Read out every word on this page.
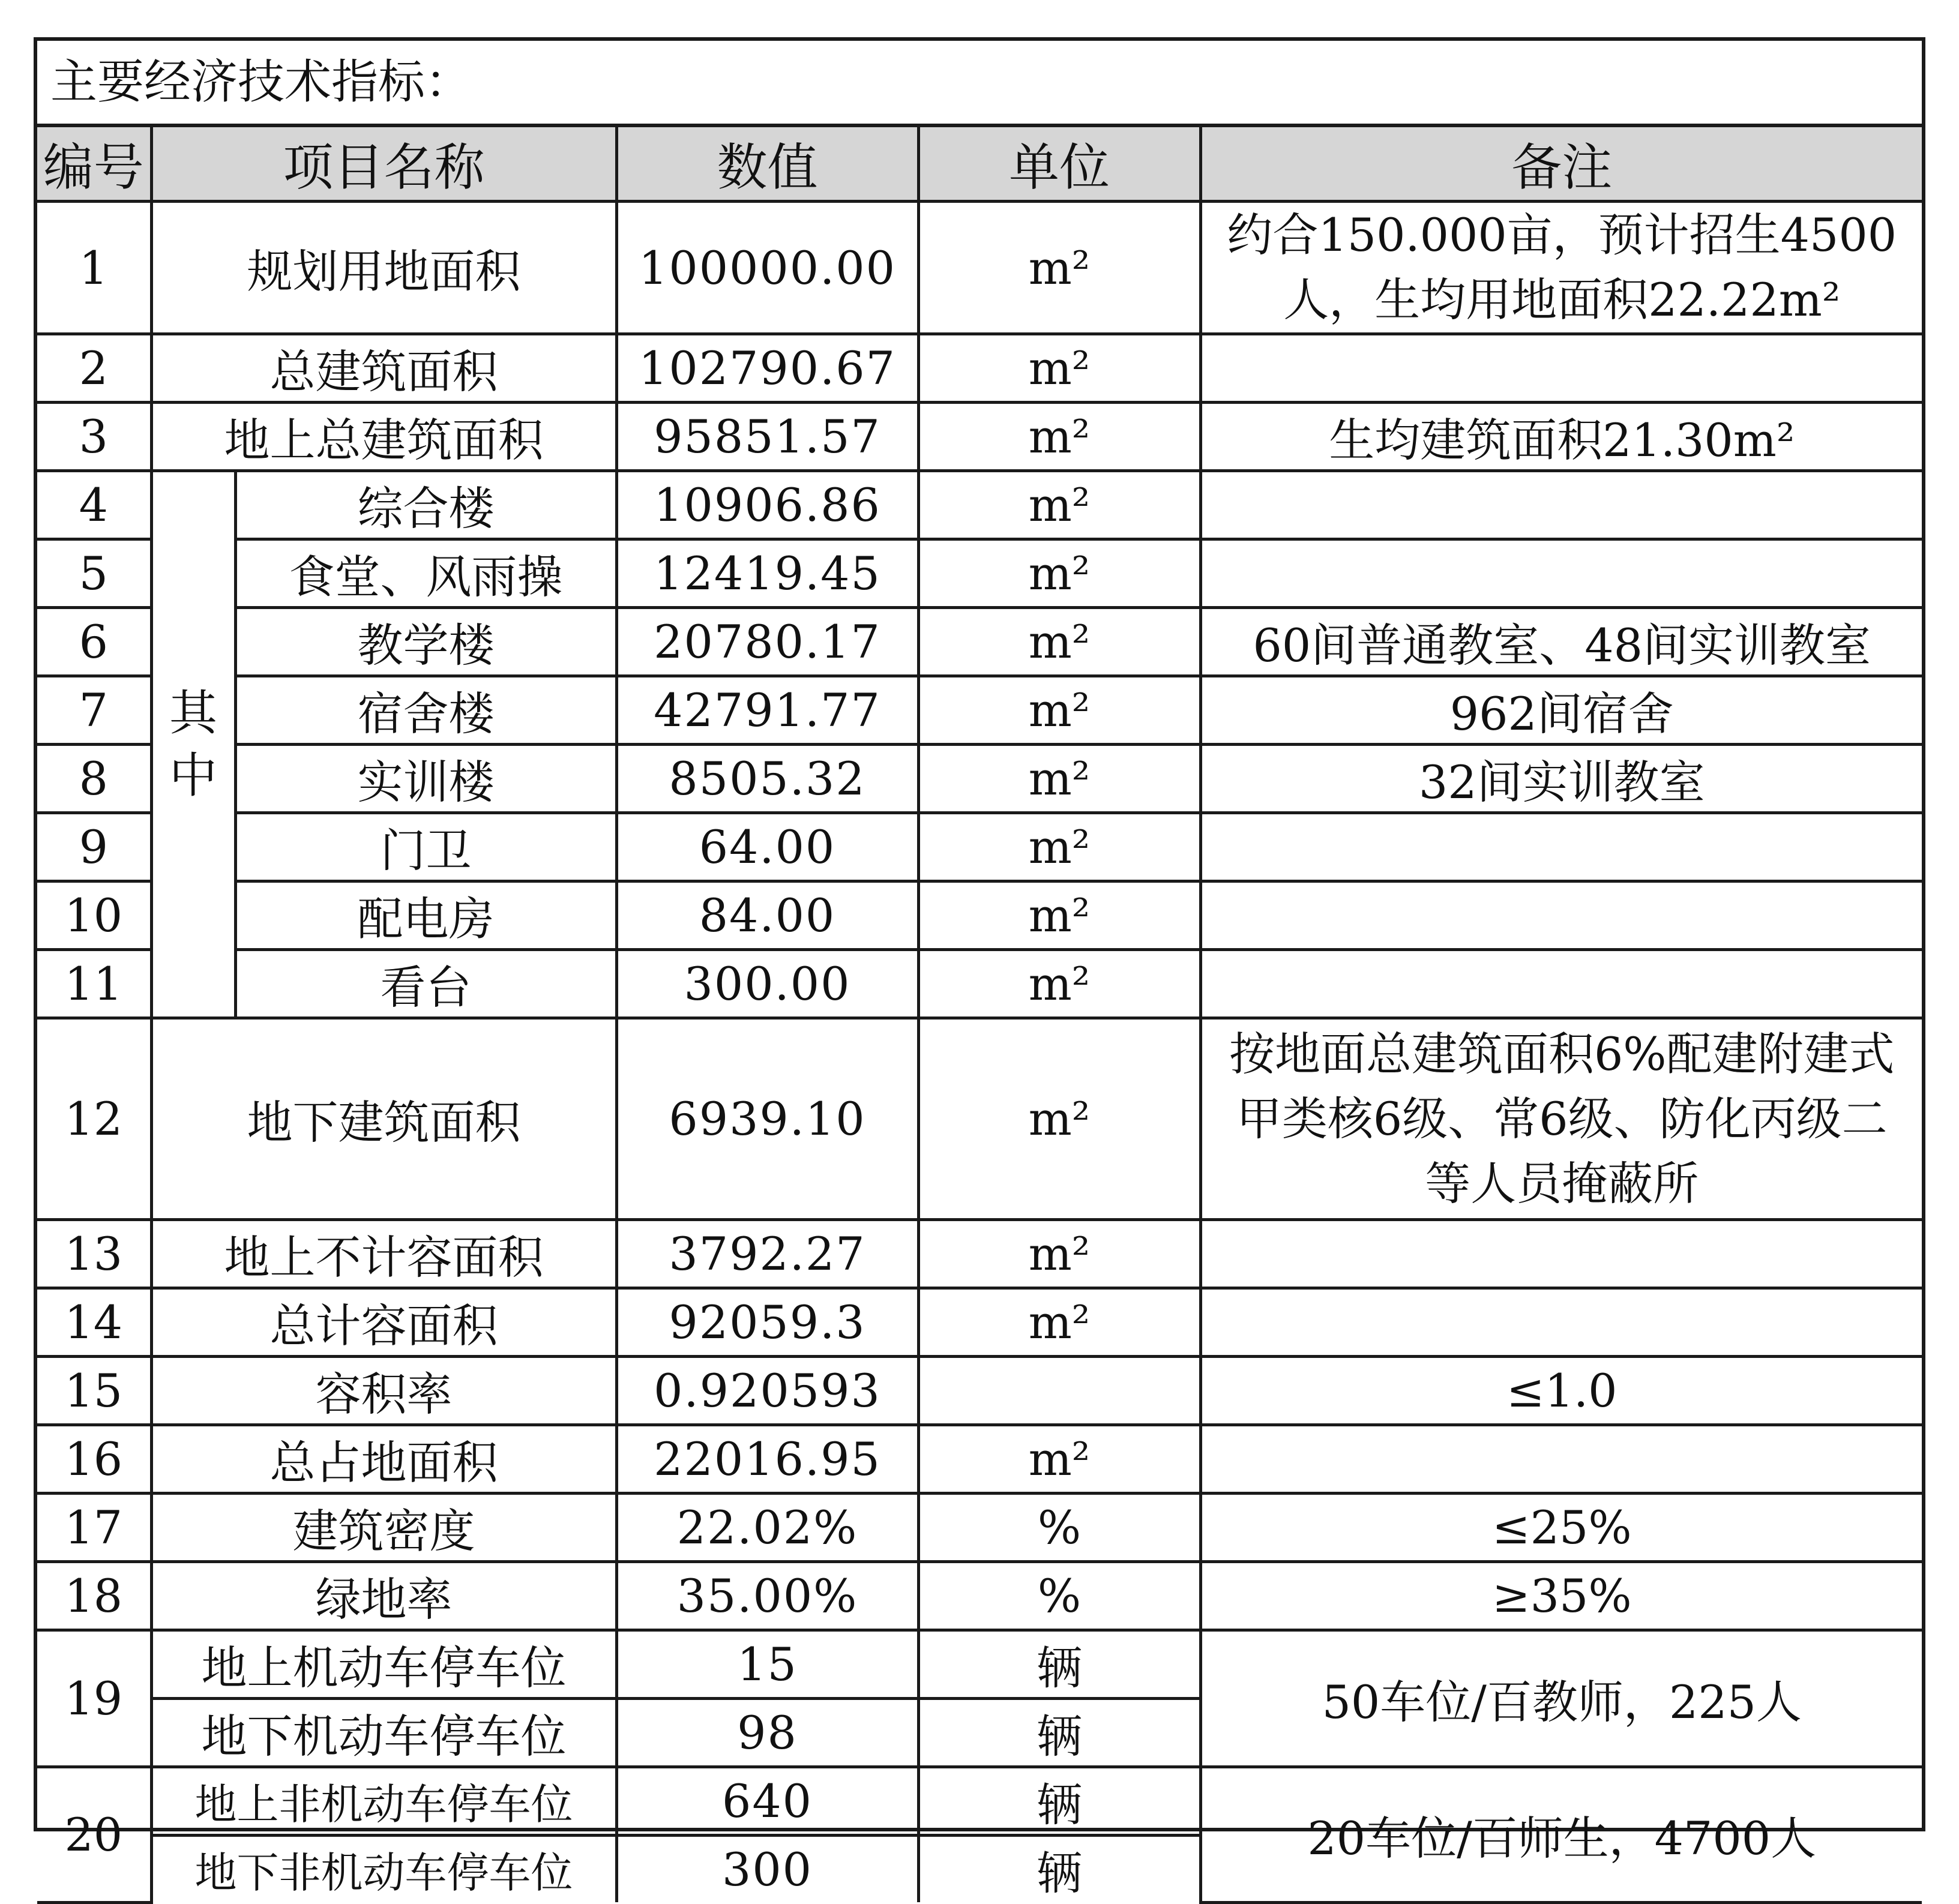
主要经济技术指标：
编号	项目名称		数值	单位	备注
1	规划用地面积		100000.00	m²	约合150.000亩，预计招生4500人，生均用地面积22.22m²
2	总建筑面积		102790.67	m²	
3	地上总建筑面积		95851.57	m²	生均建筑面积21.30m²
4	其中	综合楼	10906.86	m²	
5		食堂、风雨操	12419.45	m²	
6		教学楼	20780.17	m²	60间普通教室、48间实训教室
7		宿舍楼	42791.77	m²	962间宿舍
8		实训楼	8505.32	m²	32间实训教室
9		门卫	64.00	m²	
10		配电房	84.00	m²	
11		看台	300.00	m²	
12	地下建筑面积		6939.10	m²	按地面总建筑面积6%配建附建式甲类核6级、常6级、防化丙级二等人员掩蔽所
13	地上不计容面积		3792.27	m²	
14	总计容面积		92059.3	m²	
15	容积率		0.920593		≤1.0
16	总占地面积		22016.95	m²	
17	建筑密度		22.02%	%	≤25%
18	绿地率		35.00%	%	≥35%
19	地上机动车停车位		15	辆	50车位/百教师，225人
	地下机动车停车位		98	辆	
20	地上非机动车停车位		640	辆	20车位/百师生，4700人
	地下非机动车停车位		300	辆	
